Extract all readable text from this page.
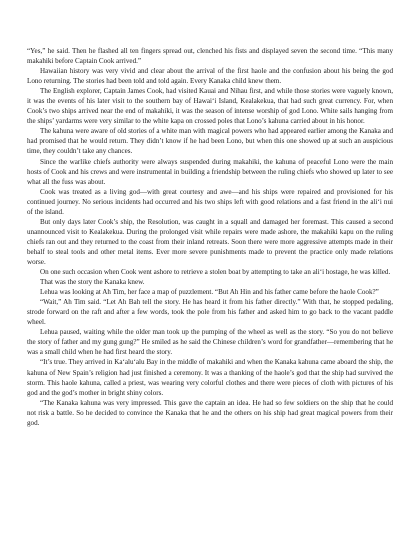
“Yes,” he said. Then he flashed all ten fingers spread out, clenched his fists and displayed seven the second time. “This many makahiki before Captain Cook arrived.”

Hawaiian history was very vivid and clear about the arrival of the first haole and the confusion about his being the god Lono returning. The stories had been told and told again. Every Kanaka child knew them.

The English explorer, Captain James Cook, had visited Kauai and Nihau first, and while those stories were vaguely known, it was the events of his later visit to the southern bay of Hawai‘i Island, Kealakekua, that had such great currency. For, when Cook’s two ships arrived near the end of makahiki, it was the season of intense worship of god Lono. White sails hanging from the ships’ yardarms were very similar to the white kapa on crossed poles that Lono’s kahuna carried about in his honor.

The kahuna were aware of old stories of a white man with magical powers who had appeared earlier among the Kanaka and had promised that he would return. They didn’t know if he had been Lono, but when this one showed up at such an auspicious time, they couldn’t take any chances.

Since the warlike chiefs authority were always suspended during makahiki, the kahuna of peaceful Lono were the main hosts of Cook and his crews and were instrumental in building a friendship between the ruling chiefs who showed up later to see what all the fuss was about.

Cook was treated as a living god—with great courtesy and awe—and his ships were repaired and provisioned for his continued journey. No serious incidents had occurred and his two ships left with good relations and a fast friend in the ali‘i nui of the island.

But only days later Cook’s ship, the Resolution, was caught in a squall and damaged her foremast. This caused a second unannounced visit to Kealakekua. During the prolonged visit while repairs were made ashore, the makahiki kapu on the ruling chiefs ran out and they returned to the coast from their inland retreats. Soon there were more aggressive attempts made in their behalf to steal tools and other metal items. Ever more severe punishments made to prevent the practice only made relations worse.

On one such occasion when Cook went ashore to retrieve a stolen boat by attempting to take an ali‘i hostage, he was killed.

That was the story the Kanaka knew.

Lehua was looking at Ah Tim, her face a map of puzzlement. “But Ah Hin and his father came before the haole Cook?”

“Wait,” Ah Tim said. “Let Ah Bah tell the story. He has heard it from his father directly.” With that, he stopped pedaling, strode forward on the raft and after a few words, took the pole from his father and asked him to go back to the vacant paddle wheel.

Lehua paused, waiting while the older man took up the pumping of the wheel as well as the story. “So you do not believe the story of father and my gung gung?” He smiled as he said the Chinese children’s word for grandfather—remembering that he was a small child when he had first heard the story.

“It’s true. They arrived in Ka‘alu‘alu Bay in the middle of makahiki and when the Kanaka kahuna came aboard the ship, the kahuna of New Spain’s religion had just finished a ceremony. It was a thanking of the haole’s god that the ship had survived the storm. This haole kahuna, called a priest, was wearing very colorful clothes and there were pieces of cloth with pictures of his god and the god’s mother in bright shiny colors.

“The Kanaka kahuna was very impressed. This gave the captain an idea. He had so few soldiers on the ship that he could not risk a battle. So he decided to convince the Kanaka that he and the others on his ship had great magical powers from their god.
